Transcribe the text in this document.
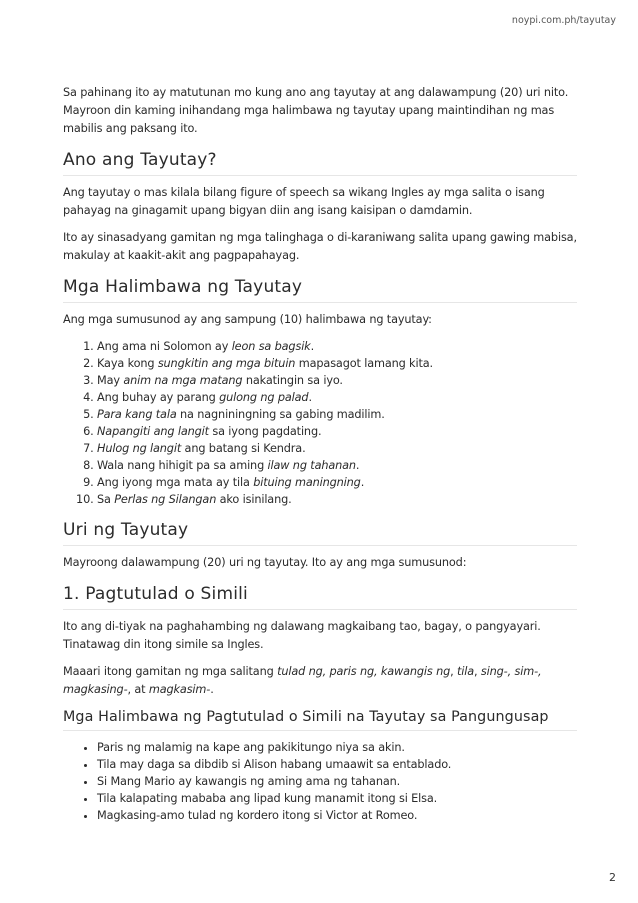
noypi.com.ph/tayutay

Sa pahinang ito ay matutunan mo kung ano ang tayutay at ang dalawampung (20) uri nito. Mayroon din kaming inihandang mga halimbawa ng tayutay upang maintindihan ng mas mabilis ang paksang ito.

Ano ang Tayutay?

Ang tayutay o mas kilala bilang figure of speech sa wikang Ingles ay mga salita o isang pahayag na ginagamit upang bigyan diin ang isang kaisipan o damdamin.

Ito ay sinasadyang gamitan ng mga talinghaga o di-karaniwang salita upang gawing mabisa, makulay at kaakit-akit ang pagpapahayag.

Mga Halimbawa ng Tayutay

Ang mga sumusunod ay ang sampung (10) halimbawa ng tayutay:

1. Ang ama ni Solomon ay leon sa bagsik.
2. Kaya kong sungkitin ang mga bituin mapasagot lamang kita.
3. May anim na mga matang nakatingin sa iyo.
4. Ang buhay ay parang gulong ng palad.
5. Para kang tala na nagniningning sa gabing madilim.
6. Napangiti ang langit sa iyong pagdating.
7. Hulog ng langit ang batang si Kendra.
8. Wala nang hihigit pa sa aming ilaw ng tahanan.
9. Ang iyong mga mata ay tila bituing maningning.
10. Sa Perlas ng Silangan ako isinilang.
Uri ng Tayutay

Mayroong dalawampung (20) uri ng tayutay. Ito ay ang mga sumusunod:

1. Pagtutulad o Simili

Ito ang di-tiyak na paghahambing ng dalawang magkaibang tao, bagay, o pangyayari. Tinatawag din itong simile sa Ingles.

Maaari itong gamitan ng mga salitang tulad ng, paris ng, kawangis ng, tila, sing-, sim-, magkasing-, at magkasim-.

Mga Halimbawa ng Pagtutulad o Simili na Tayutay sa Pangungusap
• Paris ng malamig na kape ang pakikitungo niya sa akin.
• Tila may daga sa dibdib si Alison habang umaawit sa entablado.
• Si Mang Mario ay kawangis ng aming ama ng tahanan.
• Tila kalapating mababa ang lipad kung manamit itong si Elsa.
• Magkasing-amo tulad ng kordero itong si Victor at Romeo.
2
